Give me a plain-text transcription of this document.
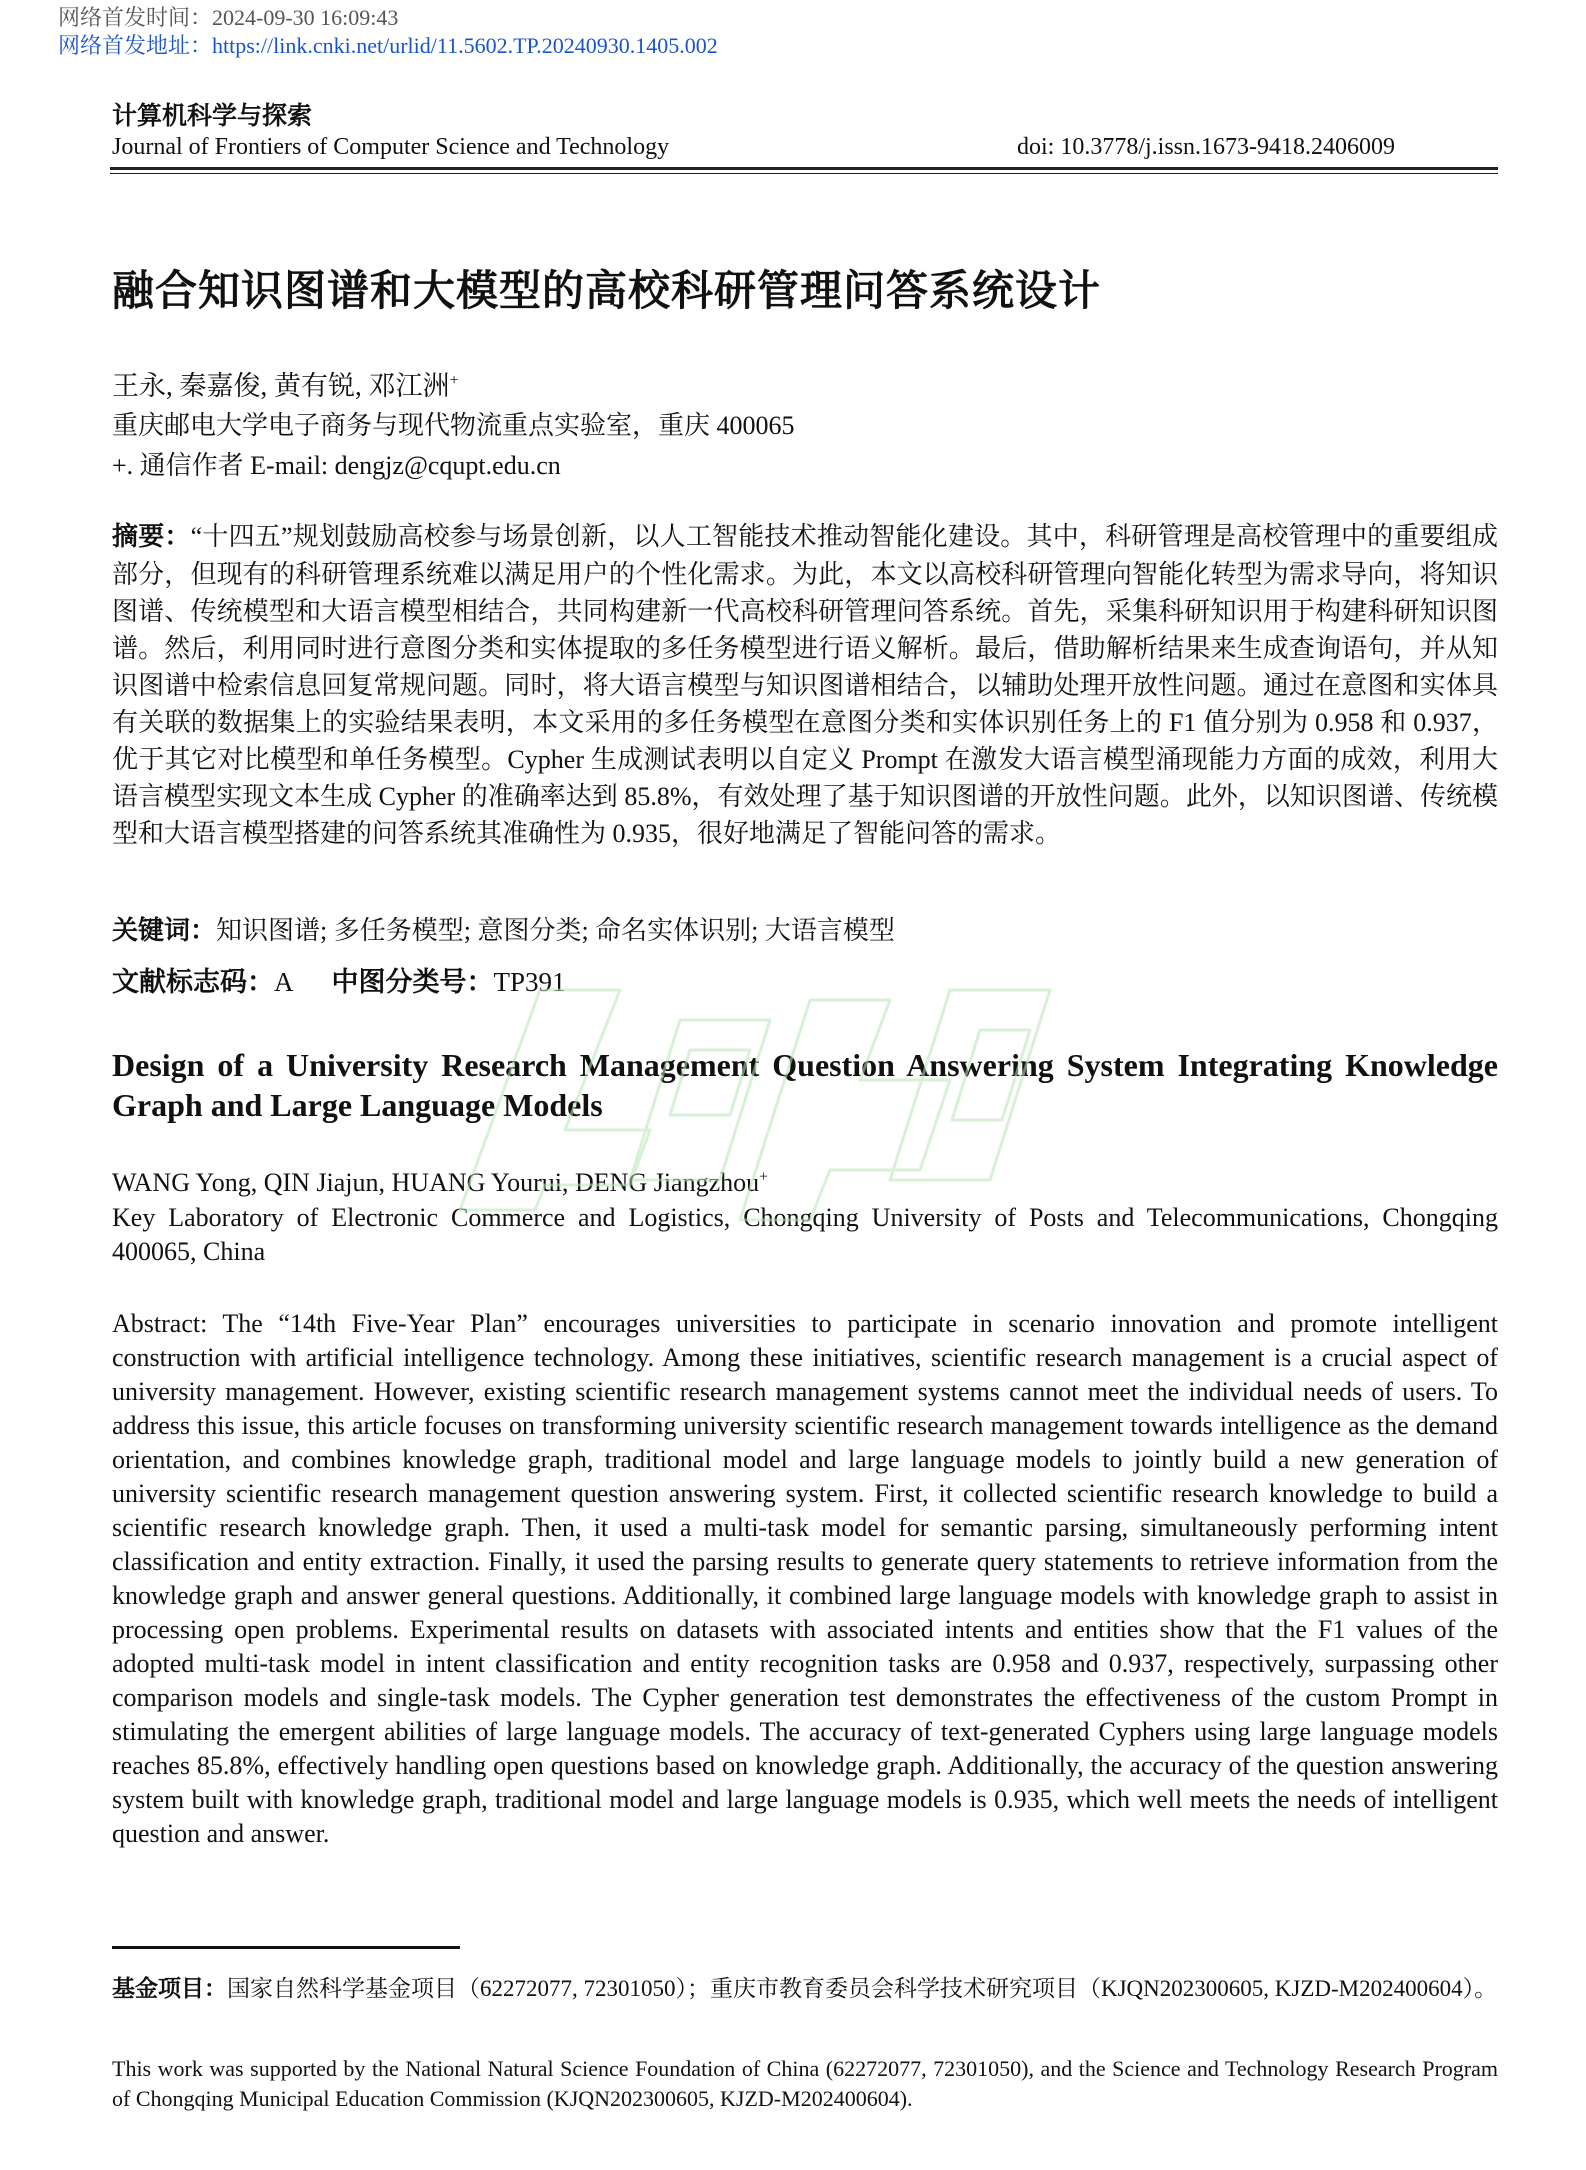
网络首发时间：2024-09-30 16:09:43
网络首发地址：https://link.cnki.net/urlid/11.5602.TP.20240930.1405.002
计算机科学与探索
Journal of Frontiers of Computer Science and Technology	doi: 10.3778/j.issn.1673-9418.2406009
融合知识图谱和大模型的高校科研管理问答系统设计
王永, 秦嘉俊, 黄有锐, 邓江洲+
重庆邮电大学电子商务与现代物流重点实验室，重庆 400065
+. 通信作者 E-mail: dengjz@cqupt.edu.cn
摘要：“十四五”规划鼓励高校参与场景创新，以人工智能技术推动智能化建设。其中，科研管理是高校管理中的重要组成部分，但现有的科研管理系统难以满足用户的个性化需求。为此，本文以高校科研管理向智能化转型为需求导向，将知识图谱、传统模型和大语言模型相结合，共同构建新一代高校科研管理问答系统。首先，采集科研知识用于构建科研知识图谱。然后，利用同时进行意图分类和实体提取的多任务模型进行语义解析。最后，借助解析结果来生成查询语句，并从知识图谱中检索信息回复常规问题。同时，将大语言模型与知识图谱相结合，以辅助处理开放性问题。通过在意图和实体具有关联的数据集上的实验结果表明，本文采用的多任务模型在意图分类和实体识别任务上的 F1 值分别为 0.958 和 0.937，优于其它对比模型和单任务模型。Cypher 生成测试表明以自定义 Prompt 在激发大语言模型涌现能力方面的成效，利用大语言模型实现文本生成 Cypher 的准确率达到 85.8%，有效处理了基于知识图谱的开放性问题。此外，以知识图谱、传统模型和大语言模型搭建的问答系统其准确性为 0.935，很好地满足了智能问答的需求。
关键词：知识图谱; 多任务模型; 意图分类; 命名实体识别; 大语言模型
文献标志码：A 中图分类号：TP391
Design of a University Research Management Question Answering System Integrating Knowledge Graph and Large Language Models
WANG Yong, QIN Jiajun, HUANG Yourui, DENG Jiangzhou+
Key Laboratory of Electronic Commerce and Logistics, Chongqing University of Posts and Telecommunications, Chongqing 400065, China
Abstract: The “14th Five-Year Plan” encourages universities to participate in scenario innovation and promote intelligent construction with artificial intelligence technology. Among these initiatives, scientific research management is a crucial aspect of university management. However, existing scientific research management systems cannot meet the individual needs of users. To address this issue, this article focuses on transforming university scientific research management towards intelligence as the demand orientation, and combines knowledge graph, traditional model and large language models to jointly build a new generation of university scientific research management question answering system. First, it collected scientific research knowledge to build a scientific research knowledge graph. Then, it used a multi-task model for semantic parsing, simultaneously performing intent classification and entity extraction. Finally, it used the parsing results to generate query statements to retrieve information from the knowledge graph and answer general questions. Additionally, it combined large language models with knowledge graph to assist in processing open problems. Experimental results on datasets with associated intents and entities show that the F1 values of the adopted multi-task model in intent classification and entity recognition tasks are 0.958 and 0.937, respectively, surpassing other comparison models and single-task models. The Cypher generation test demonstrates the effectiveness of the custom Prompt in stimulating the emergent abilities of large language models. The accuracy of text-generated Cyphers using large language models reaches 85.8%, effectively handling open questions based on knowledge graph. Additionally, the accuracy of the question answering system built with knowledge graph, traditional model and large language models is 0.935, which well meets the needs of intelligent question and answer.
基金项目：国家自然科学基金项目（62272077, 72301050）；重庆市教育委员会科学技术研究项目（KJQN202300605, KJZD-M202400604）。
This work was supported by the National Natural Science Foundation of China (62272077, 72301050), and the Science and Technology Research Program of Chongqing Municipal Education Commission (KJQN202300605, KJZD-M202400604).
